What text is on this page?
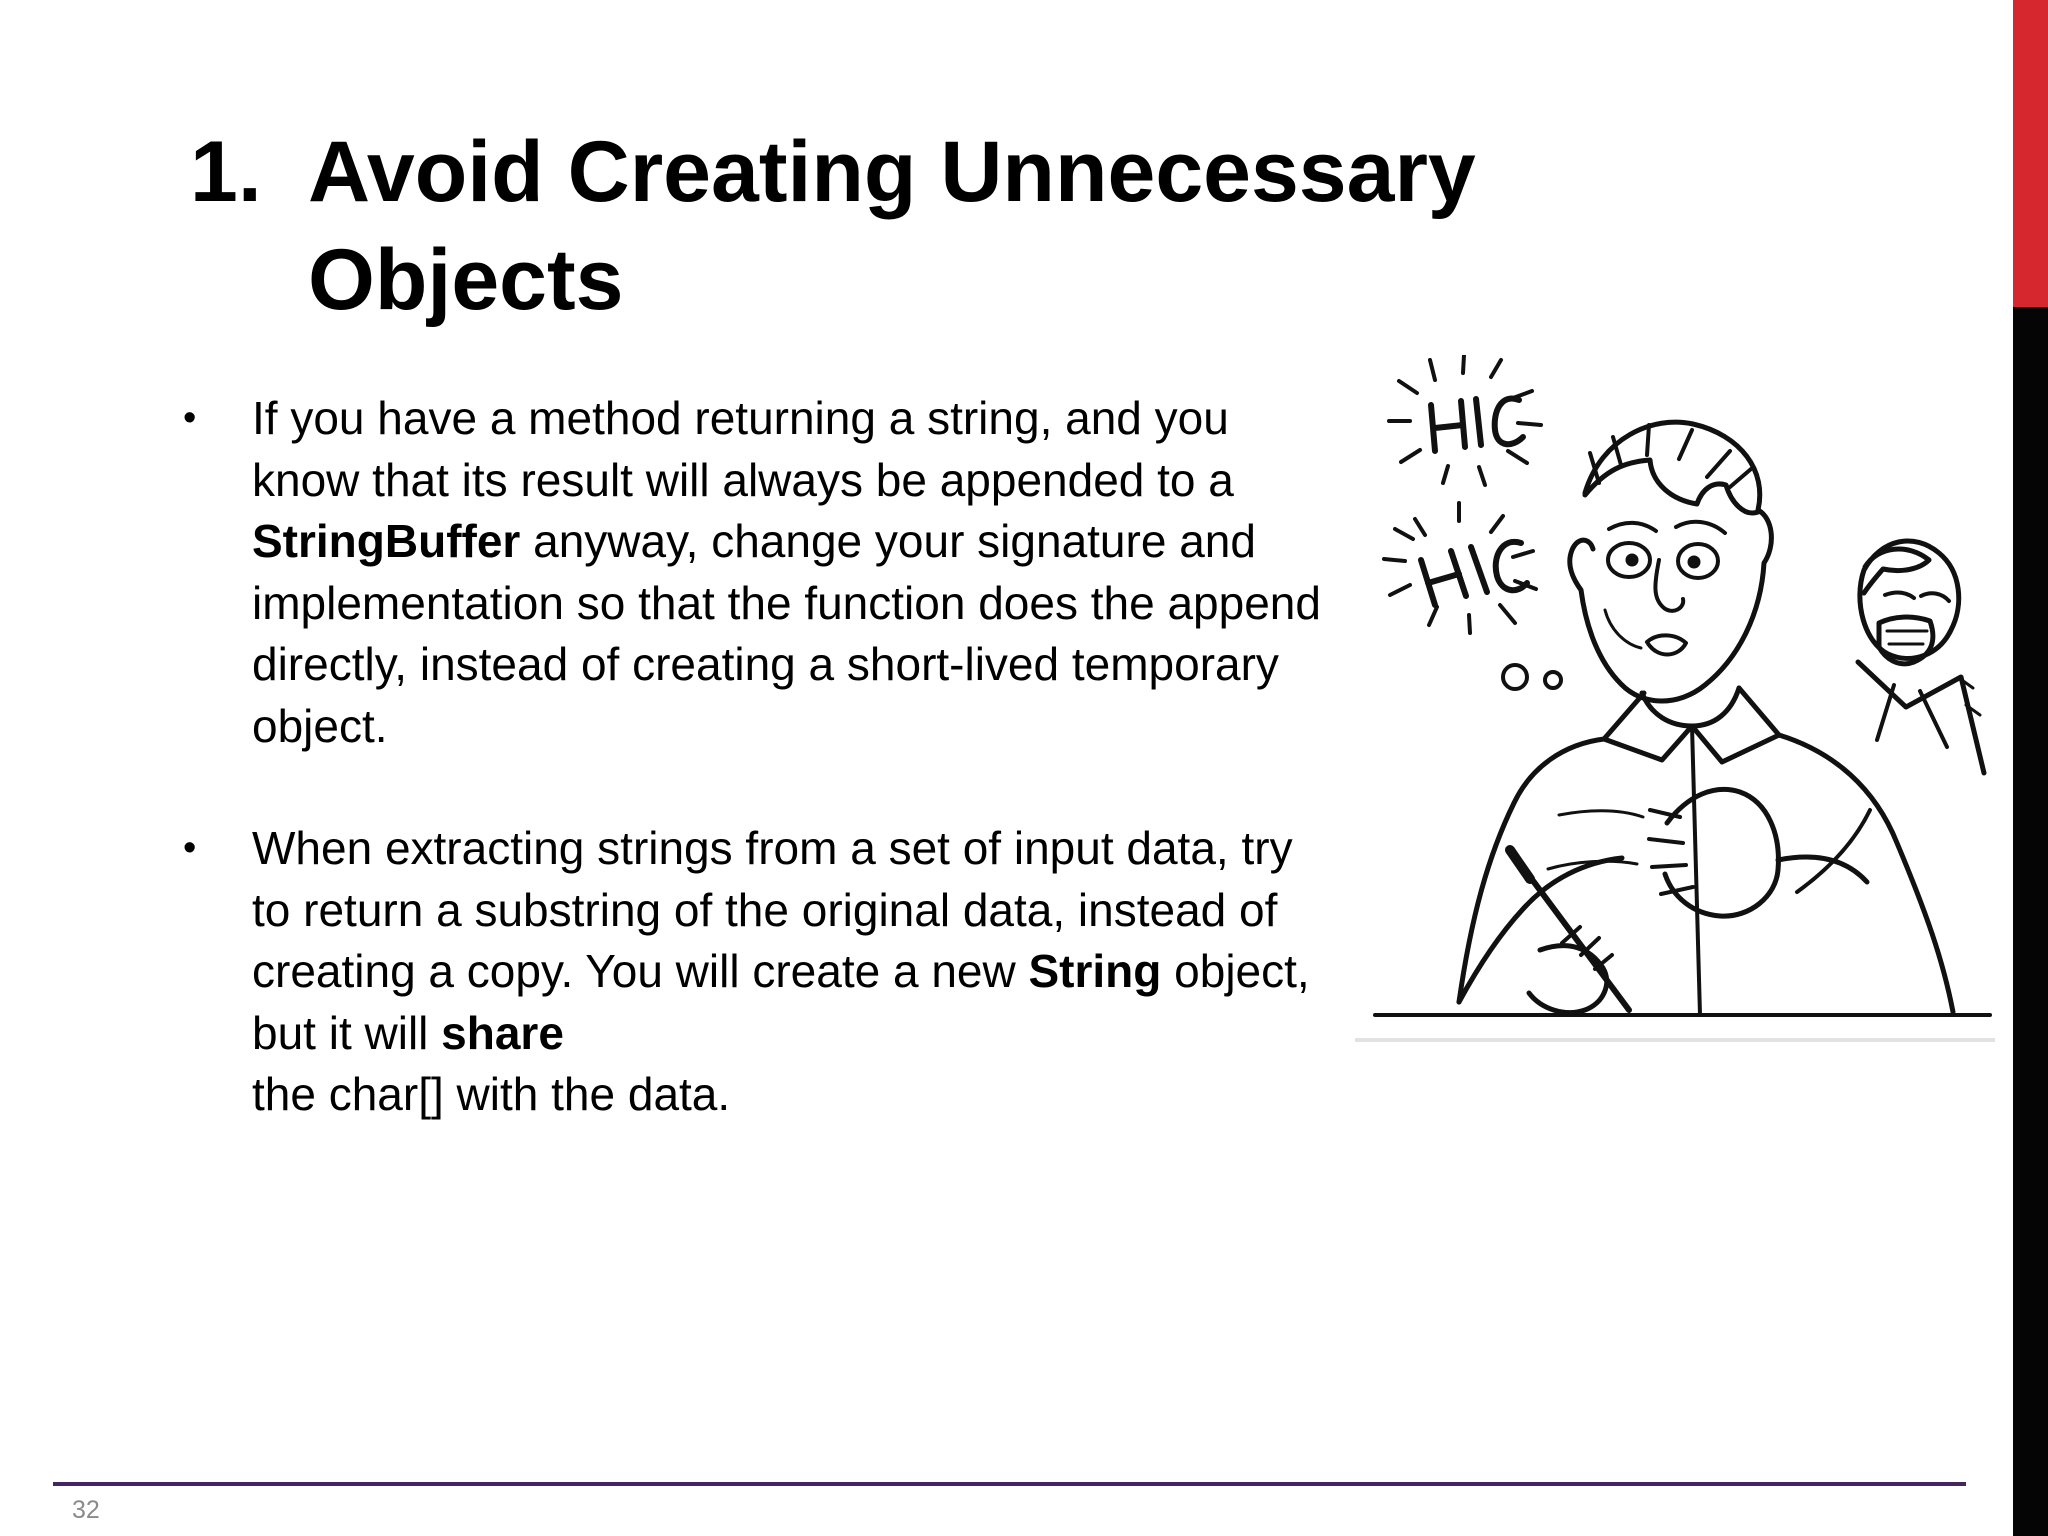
1. Avoid Creating Unnecessary
Objects
•	If you have a method returning a string, and you know that its result will always be appended to a StringBuffer anyway, change your signature and implementation so that the function does the append directly, instead of creating a short-lived temporary object.
•	When extracting strings from a set of input data, try to return a substring of the original data, instead of creating a copy. You will create a new String object, but it will share
the char[] with the data.
32
